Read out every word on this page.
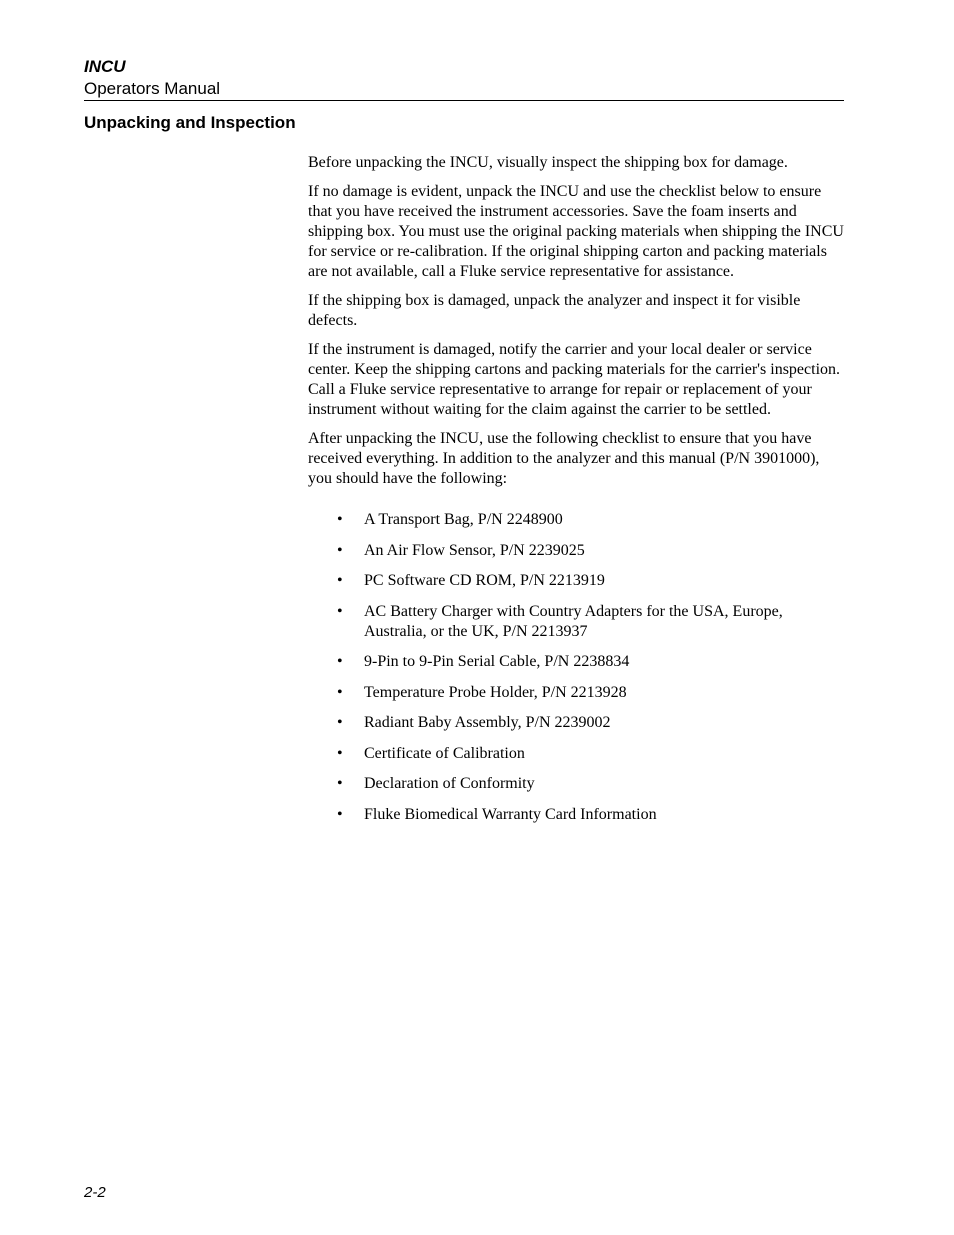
INCU
Operators Manual
Unpacking and Inspection

Before unpacking the INCU, visually inspect the shipping box for damage.

If no damage is evident, unpack the INCU and use the checklist below to ensure that you have received the instrument accessories. Save the foam inserts and shipping box. You must use the original packing materials when shipping the INCU for service or re-calibration. If the original shipping carton and packing materials are not available, call a Fluke service representative for assistance.

If the shipping box is damaged, unpack the analyzer and inspect it for visible defects.

If the instrument is damaged, notify the carrier and your local dealer or service center. Keep the shipping cartons and packing materials for the carrier's inspection. Call a Fluke service representative to arrange for repair or replacement of your instrument without waiting for the claim against the carrier to be settled.

After unpacking the INCU, use the following checklist to ensure that you have received everything. In addition to the analyzer and this manual (P/N 3901000), you should have the following:

• A Transport Bag, P/N 2248900
• An Air Flow Sensor, P/N 2239025
• PC Software CD ROM, P/N 2213919
• AC Battery Charger with Country Adapters for the USA, Europe, Australia, or the UK, P/N 2213937
• 9-Pin to 9-Pin Serial Cable, P/N 2238834
• Temperature Probe Holder, P/N 2213928
• Radiant Baby Assembly, P/N 2239002
• Certificate of Calibration
• Declaration of Conformity
• Fluke Biomedical Warranty Card Information
2-2
